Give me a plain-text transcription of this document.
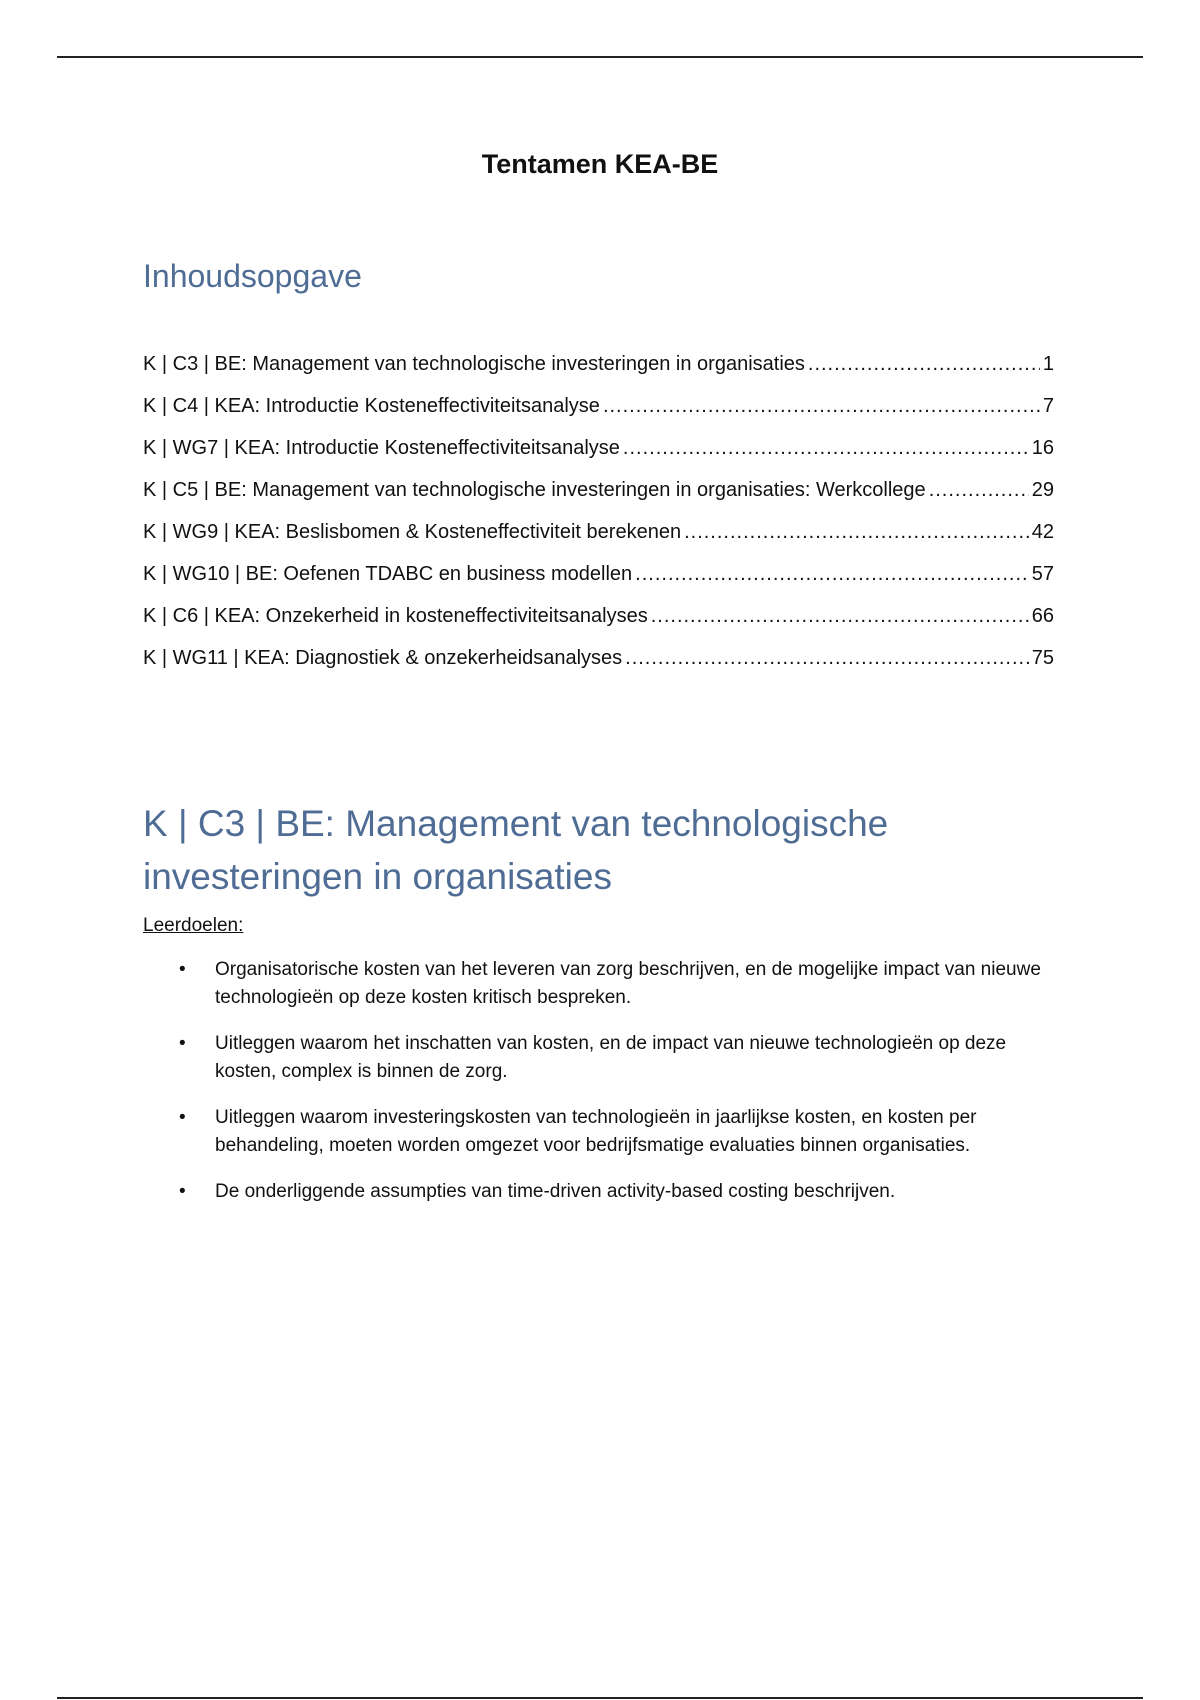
Tentamen KEA-BE
Inhoudsopgave
K | C3 | BE: Management van technologische investeringen in organisaties .....	1
K | C4 | KEA: Introductie Kosteneffectiviteitsanalyse .....	7
K | WG7 | KEA: Introductie Kosteneffectiviteitsanalyse .....	16
K | C5 | BE: Management van technologische investeringen in organisaties: Werkcollege .....	29
K | WG9 | KEA: Beslisbomen & Kosteneffectiviteit berekenen .....	42
K | WG10 | BE: Oefenen TDABC en business modellen .....	57
K | C6 | KEA: Onzekerheid in kosteneffectiviteitsanalyses .....	66
K | WG11 | KEA: Diagnostiek & onzekerheidsanalyses .....	75
K | C3 | BE: Management van technologische investeringen in organisaties
Leerdoelen:
• Organisatorische kosten van het leveren van zorg beschrijven, en de mogelijke impact van nieuwe technologieën op deze kosten kritisch bespreken.
• Uitleggen waarom het inschatten van kosten, en de impact van nieuwe technologieën op deze kosten, complex is binnen de zorg.
• Uitleggen waarom investeringskosten van technologieën in jaarlijkse kosten, en kosten per behandeling, moeten worden omgezet voor bedrijfsmatige evaluaties binnen organisaties.
• De onderliggende assumpties van time-driven activity-based costing beschrijven.
